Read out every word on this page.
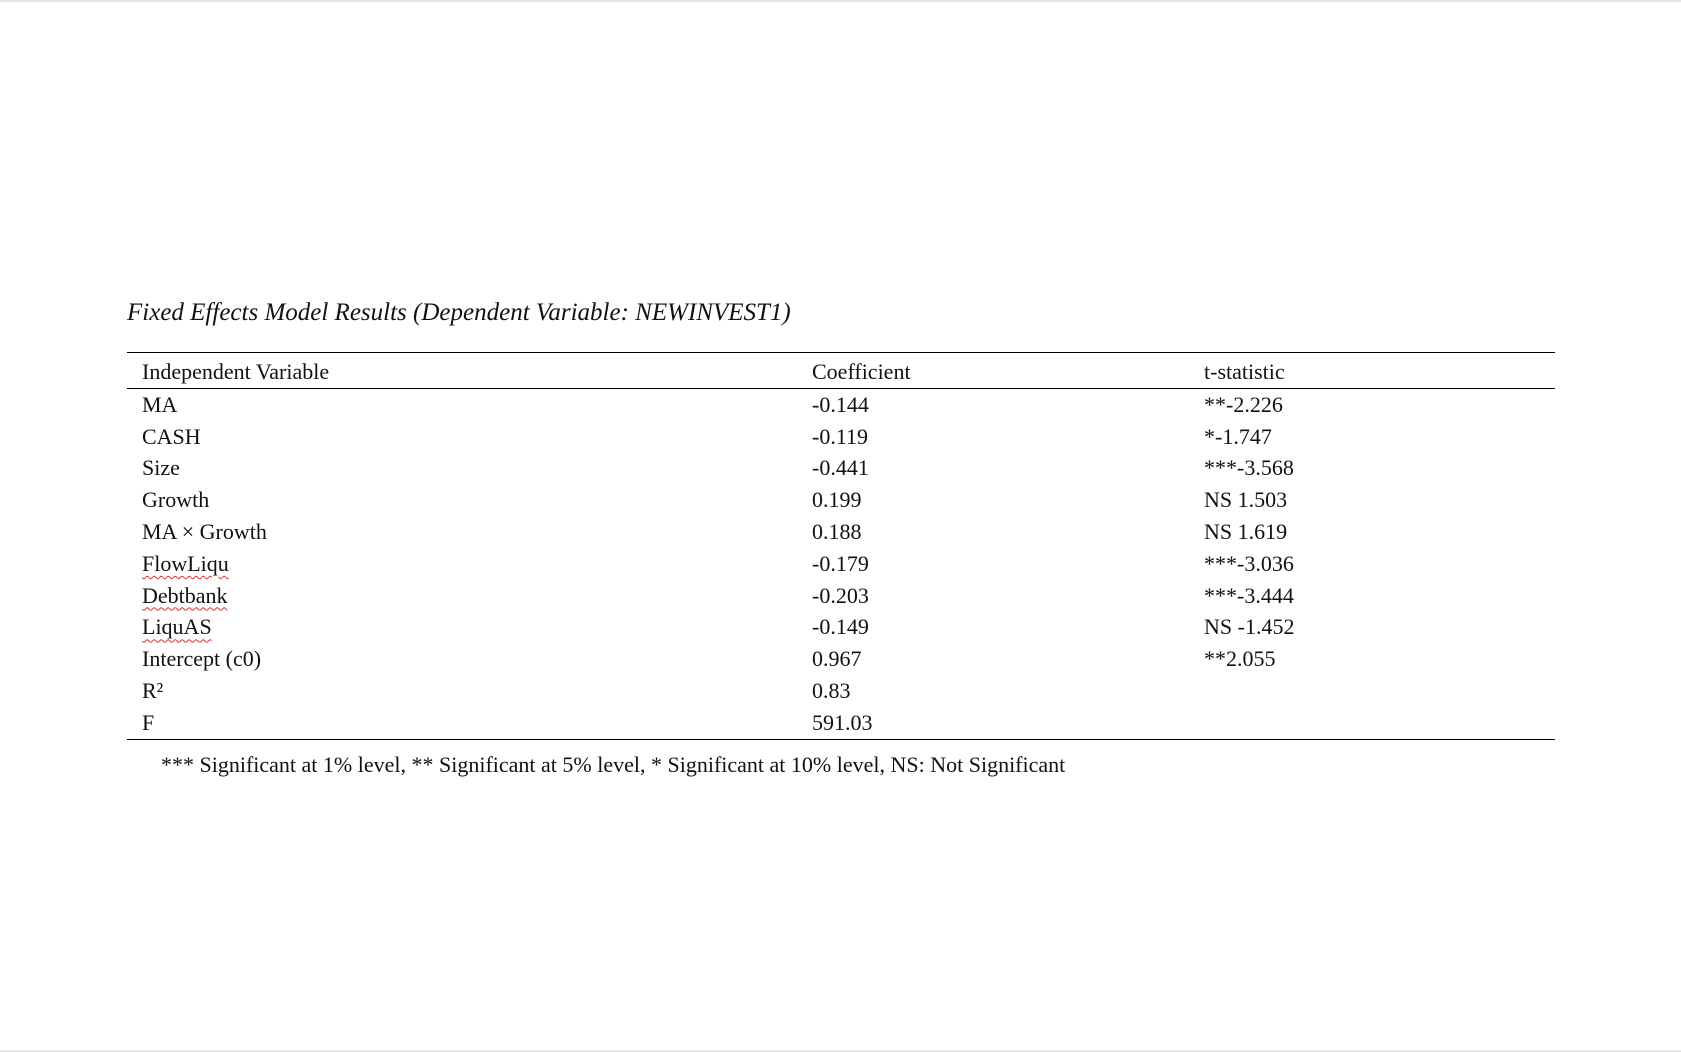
Fixed Effects Model Results (Dependent Variable: NEWINVEST1)

Independent Variable	Coefficient	t-statistic
MA	-0.144	**-2.226
CASH	-0.119	*-1.747
Size	-0.441	***-3.568
Growth	0.199	NS 1.503
MA × Growth	0.188	NS 1.619
FlowLiqu	-0.179	***-3.036
Debtbank	-0.203	***-3.444
LiquAS	-0.149	NS -1.452
Intercept (c0)	0.967	**2.055
R²	0.83	
F	591.03	

*** Significant at 1% level, ** Significant at 5% level, * Significant at 10% level, NS: Not Significant
